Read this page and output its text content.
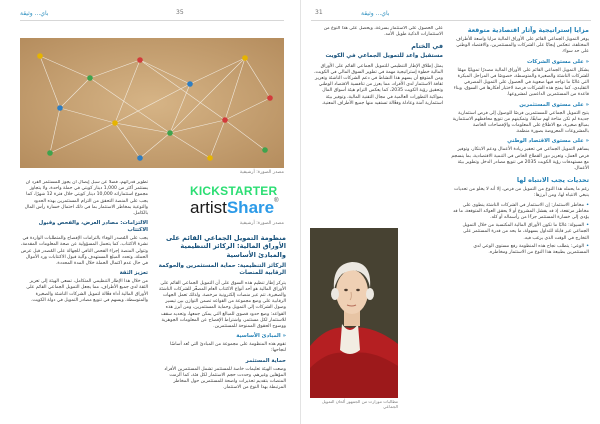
باي... وثيقة	35
مصدر الصورة: أرشيفية
KICKSTARTER
artistShare®
مصدر الصورة: أرشيفية
منظومة التمويل الجماعي القائم على الأوراق المالية: الركائز التنظيمية والمبادئ الأساسية
الركائز التنظيمية: حماية المستثمرين والحوكمة الرقابية للمنصات

يتركز إطار تنظيم هذه السوق على أن التمويل الجماعي القائم على الأوراق المالية هو أحد أنواع الاكتتاب العام المصغّر للشركات الناشئة والصغيرة، تتم عبر منصات إلكترونية مرخصة. ولذلك تعمل الجهات الرقابية على وضع مجموعة من القواعد تضمن التوازن بين تيسير وصول الشركات إلى التمويل وحماية المستثمرين، ومن أبرز هذه القواعد: وضع حدود قصوى للمبالغ التي يمكن جمعها، وتحديد سقف للاستثمار لكل مستثمر، واشتراط الإفصاح عن المعلومات الجوهرية ووضوح الحقوق الممنوحة للمستثمرين.

« المبادئ الأساسية

تقوم هذه المنظومة على مجموعة من المبادئ التي تُعد أساسًا لنجاحها:

حماية المستثمر

وضعت الهيئة تعليمات خاصة للمستثمر تشمل المستثمرين الأفراد المؤهلين وغيرهم، وحددت حجم الاستثمار لكل فئة، كما ألزمت المنصات بتقديم تحذيرات واضحة للمستثمرين حول المخاطر المرتبطة بهذا النوع من الاستثمار.

تطوير قدراتهم، فضلًا عن سبل إيصال أن يجوز للمستثمر الفرد أن يستثمر أكثر من 1,000 دينار كويتي في حملة واحدة، ولا يتجاوز مجموع استثماراته 10,000 دينار كويتي خلال فترة 12 شهرًا، كما يجب على المنصة التحقق من التزام المستثمرين بهذه الحدود والتوعية بمخاطر الاستثمار بما في ذلك احتمال خسارة رأس المال بالكامل.

الالتزامات: مصادر العرض، والفحص وقبول الاكتتاب

يجب على المُصدر الوفاء بالتزامات الإفصاح والمتطلبات الواردة في نشرة الاكتتاب، كما يتحمل المسؤولية عن صحة المعلومات المقدمة، وتتولى المنصة إجراء الفحص النافي للجهالة على المُصدر قبل عرض الحملة، وتحدد المبلغ المستهدف وآلية قبول الاكتتابات ورد الأموال في حال عدم اكتمال الحملة خلال المدة المحددة.

تعزيز الثقة

من خلال هذا الإطار التنظيمي المتكامل، تسعى الهيئة إلى تعزيز الثقة لدى جميع الأطراف، مما يجعل التمويل الجماعي القائم على الأوراق المالية أداة فعّالة لتمويل الشركات الناشئة والصغيرة والمتوسطة، ويسهم في تنويع مصادر التمويل في دولة الكويت.

باي... وثيقة
31
مزايا إستراتيجية وآثار اقتصادية متوقعة

يوفر التمويل الجماعي القائم على الأوراق المالية مزايا واسعة للأطراف المختلفة، تنعكس إيجابًا على الشركات والمستثمرين، والاقتصاد الوطني على حد سواء.

« على مستوى الشركات

يشكل التمويل الجماعي القائم على الأوراق المالية مصدرًا تمويليًا مهمًا للشركات الناشئة والصغيرة والمتوسطة، خصوصًا في المراحل المبكرة التي غالبًا ما تواجه فيها صعوبة في الحصول على التمويل المصرفي التقليدي، كما يمنح هذه الشركات فرصة لاختبار أفكارها في السوق، وبناء قاعدة من المستثمرين الداعمين لمشروعها.

« على مستوى المستثمرين

يتيح التمويل الجماعي للمستثمرين فرصًا للوصول إلى فرص استثمارية جديدة لم تكن متاحة لهم سابقًا، وتمكينهم من تنويع محافظهم الاستثمارية بمبالغ صغيرة، مع الاطلاع على المعلومات والإفصاحات الخاصة بالمشروعات المعروضة بصورة منظمة.

« على مستوى الاقتصاد الوطني

يساهم التمويل الجماعي في تحفيز ريادة الأعمال ودعم الابتكار، وتوفير فرص العمل، وتعزيز دور القطاع الخاص في التنمية الاقتصادية، بما ينسجم مع مستهدفات رؤية الكويت 2035 في تنويع مصادر الدخل وتطوير بيئة الأعمال.

تحديات يجب الانتباه لها

رغم ما يحمله هذا النوع من التمويل من فرص، إلا أنه لا يخلو من تحديات ينبغي الانتباه لها، ومن أبرزها:

•مخاطر الاستثمار: إن الاستثمار في الشركات الناشئة ينطوي على مخاطر مرتفعة، إذ قد يفشل المشروع أو لا يحقق العوائد المتوقعة، ما قد يؤدي إلى خسارة المستثمر جزءًا من رأسماله أو كله.
•السيولة: غالبًا ما تكون الأوراق المالية المكتسبة من خلال التمويل الجماعي غير قابلة للتداول بسهولة، ما يحد من قدرة المستثمر على التخارج في الوقت الذي يرغب فيه.
•الوعي: يتطلب نجاح هذه المنظومة رفع مستوى الوعي لدى المستثمرين بطبيعة هذا النوع من الاستثمار ومخاطره.

على الحصول على الاستثمار بسرعة، ويحصل على هذا النوع من الاستثمارات الذكية طويل الأمد.

في الختام
مستقبل واعد للتمويل الجماعي في الكويت

يمثل إطلاق الإطار التنظيمي للتمويل الجماعي القائم على الأوراق المالية خطوة إستراتيجية مهمة في تطوير السوق المالي في الكويت، ومن المتوقع أن يسهم هذا النشاط في دعم الشركات الناشئة وتعزيز ثقافة الاستثمار لدى الأفراد، مما يعزز من تنافسية الاقتصاد الوطني وتحقيق رؤية الكويت 2035، كما يعكس التزام هيئة أسواق المال بمواكبة التطورات العالمية في مجال التقنية المالية، وتوفير بيئة استثمارية آمنة وعادلة وفعّالة تستفيد منها جميع الأطراف المعنية.

مطالبات موزارت من الجمهور ألحان التمويل الجماعي
